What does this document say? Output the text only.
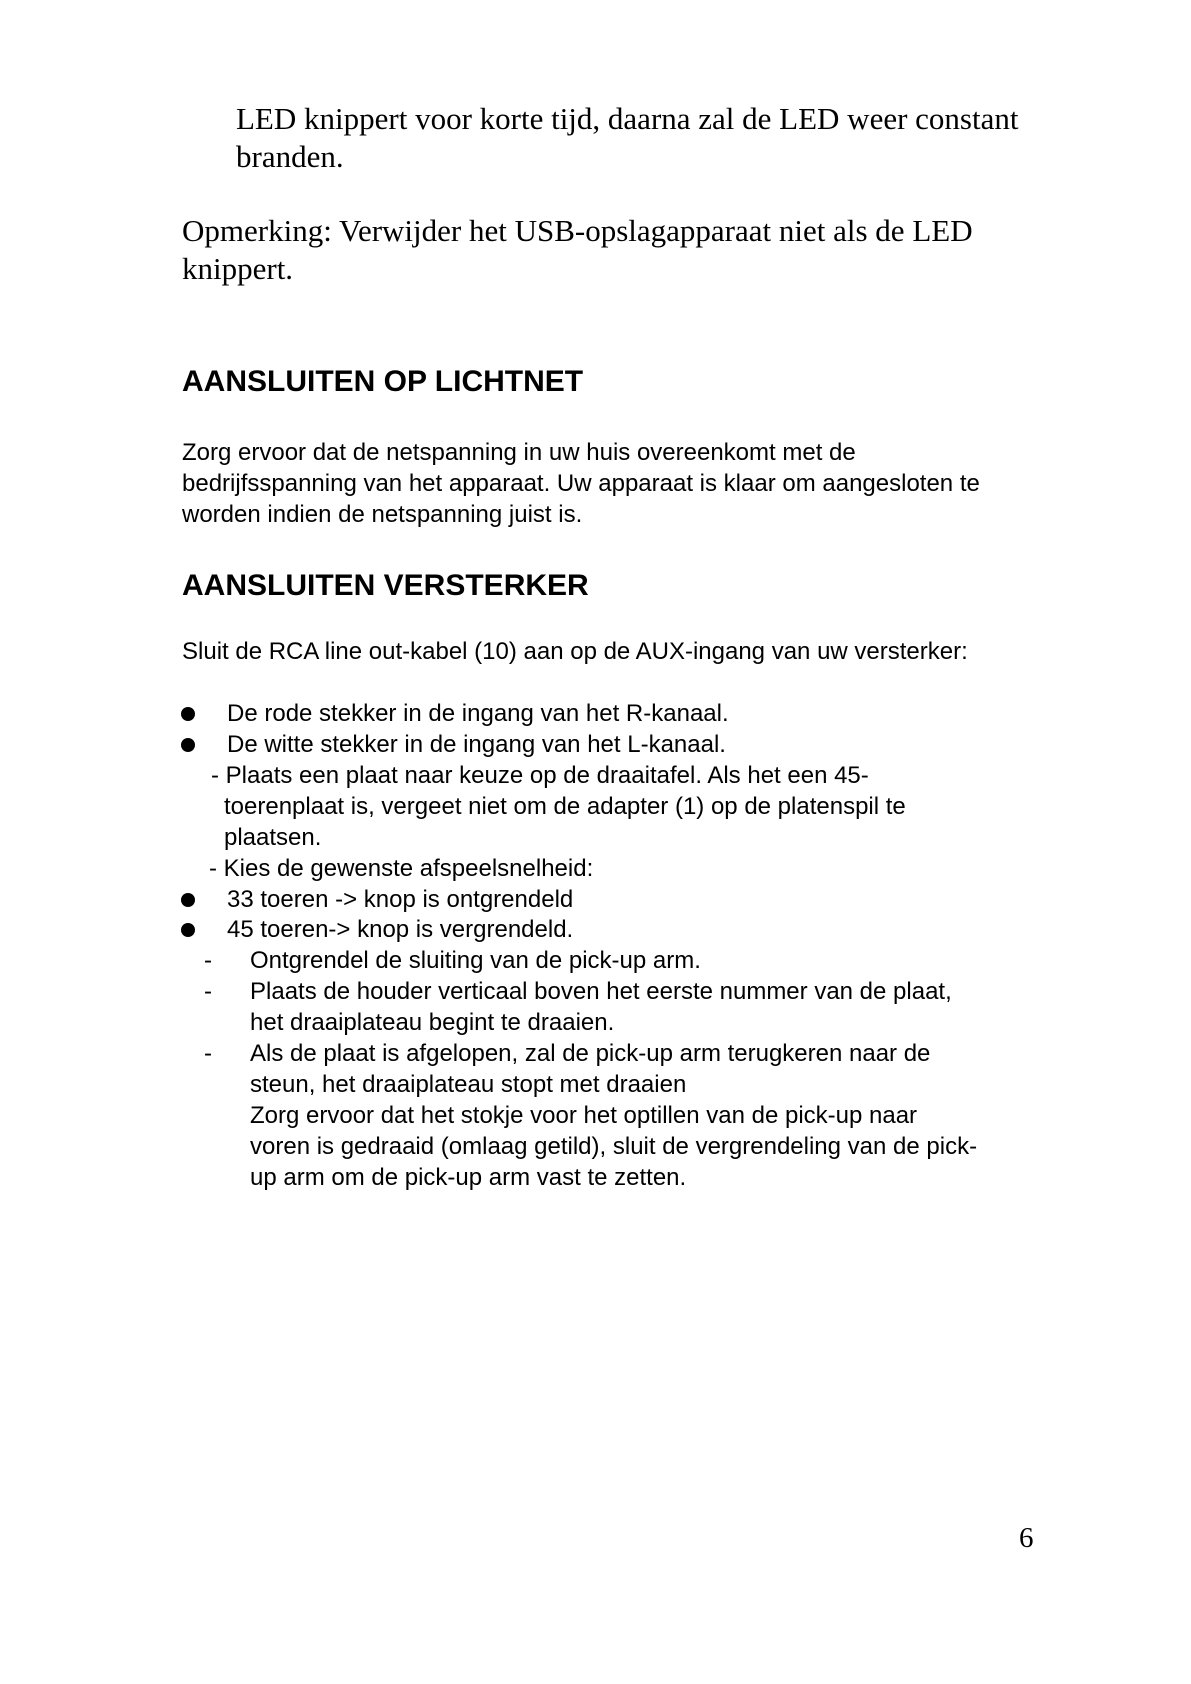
LED knippert voor korte tijd, daarna zal de LED weer constant
branden.
Opmerking: Verwijder het USB-opslagapparaat niet als de LED
knippert.
AANSLUITEN OP LICHTNET
Zorg ervoor dat de netspanning in uw huis overeenkomt met de
bedrijfsspanning van het apparaat. Uw apparaat is klaar om aangesloten te
worden indien de netspanning juist is.
AANSLUITEN VERSTERKER
Sluit de RCA line out-kabel (10) aan op de AUX-ingang van uw versterker:
De rode stekker in de ingang van het R-kanaal.
De witte stekker in de ingang van het L-kanaal.
- Plaats een plaat naar keuze op de draaitafel. Als het een 45-
toerenplaat is, vergeet niet om de adapter (1) op de platenspil te
plaatsen.
- Kies de gewenste afspeelsnelheid:
33 toeren -> knop is ontgrendeld
45 toeren-> knop is vergrendeld.
- Ontgrendel de sluiting van de pick-up arm.
- Plaats de houder verticaal boven het eerste nummer van de plaat,
het draaiplateau begint te draaien.
- Als de plaat is afgelopen, zal de pick-up arm terugkeren naar de
steun, het draaiplateau stopt met draaien
Zorg ervoor dat het stokje voor het optillen van de pick-up naar
voren is gedraaid (omlaag getild), sluit de vergrendeling van de pick-
up arm om de pick-up arm vast te zetten.
6
